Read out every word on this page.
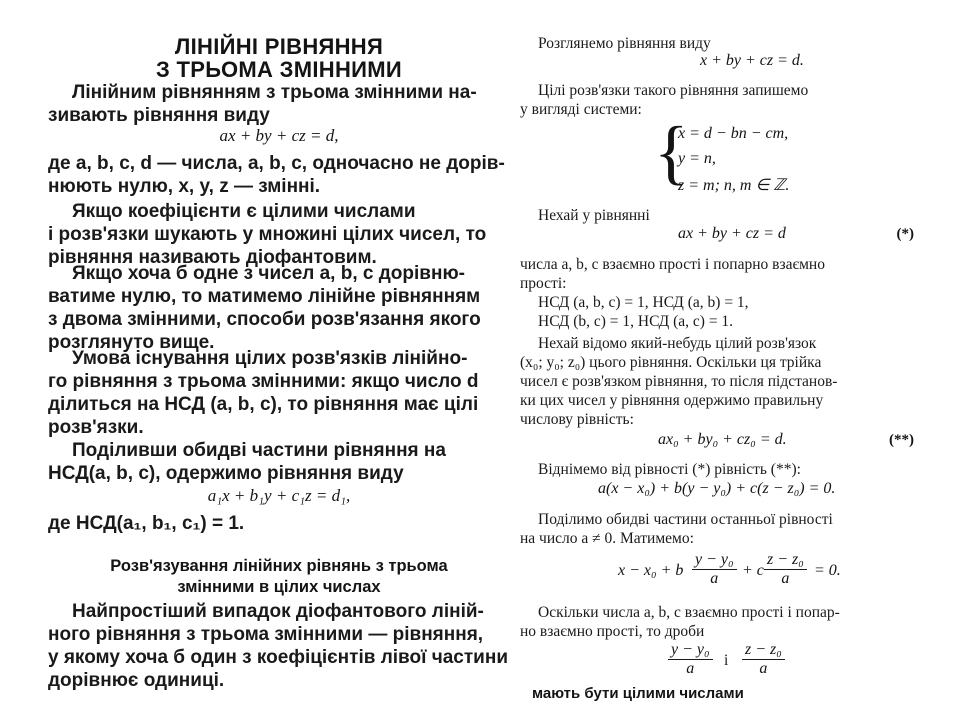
ЛІНІЙНІ РІВНЯННЯ
З ТРЬОМА ЗМІННИМИ
Лінійним рівнянням з трьома змінними на-
зивають рівняння виду
ax + by + cz = d,
де a, b, c, d — числа, a, b, c, одночасно не дорів-
нюють нулю, x, y, z — змінні.
Якщо коефіцієнти є цілими числами
і розв'язки шукають у множині цілих чисел, то
рівняння називають діофантовим.
Якщо хоча б одне з чисел a, b, c дорівню-
ватиме нулю, то матимемо лінійне рівнянням
з двома змінними, способи розв'язання якого
розглянуто вище.
Умова існування цілих розв'язків лінійно-
го рівняння з трьома змінними: якщо число d
ділиться на НСД (a, b, c), то рівняння має цілі
розв'язки.
Поділивши обидві частини рівняння на
НСД(a, b, c), одержимо рівняння виду
a₁x + b₁y + c₁z = d₁,
де НСД(a₁, b₁, c₁) = 1.
Розв'язування лінійних рівнянь з трьома
змінними в цілих числах
Найпростіший випадок діофантового ліній-
ного рівняння з трьома змінними — рівняння,
у якому хоча б один з коефіцієнтів лівої частини
дорівнює одиниці.
Розглянемо рівняння виду
x + by + cz = d.
Цілі розв'язки такого рівняння запишемо
у вигляді системи:
{
x = d − bn − cm,
y = n,
z = m; n, m ∈ ℤ.
Нехай у рівнянні
ax + by + cz = d	(*)
числа a, b, c взаємно прості і попарно взаємно
прості:
НСД (a, b, c) = 1, НСД (a, b) = 1,
НСД (b, c) = 1, НСД (a, c) = 1.
Нехай відомо який-небудь цілий розв'язок
(x₀; y₀; z₀) цього рівняння. Оскільки ця трійка
чисел є розв'язком рівняння, то після підстанов-
ки цих чисел у рівняння одержимо правильну
числову рівність:
ax₀ + by₀ + cz₀ = d.	(**)
Віднімемо від рівності (*) рівність (**):
a(x − x₀) + b(y − y₀) + c(z − z₀) = 0.
Поділимо обидві частини останньої рівності
на число a ≠ 0. Матимемо:
x − x₀ + b $\frac{\text{y − y₀}}{a} + c \frac{\text{z − z₀}}{a} = 0$.
Оскільки числа a, b, c взаємно прості і попар-
но взаємно прості, то дроби
$\frac{\text{y − y₀}}{a}$ і $\frac{\text{z − z₀}}{a}$
мають бути цілими числами
